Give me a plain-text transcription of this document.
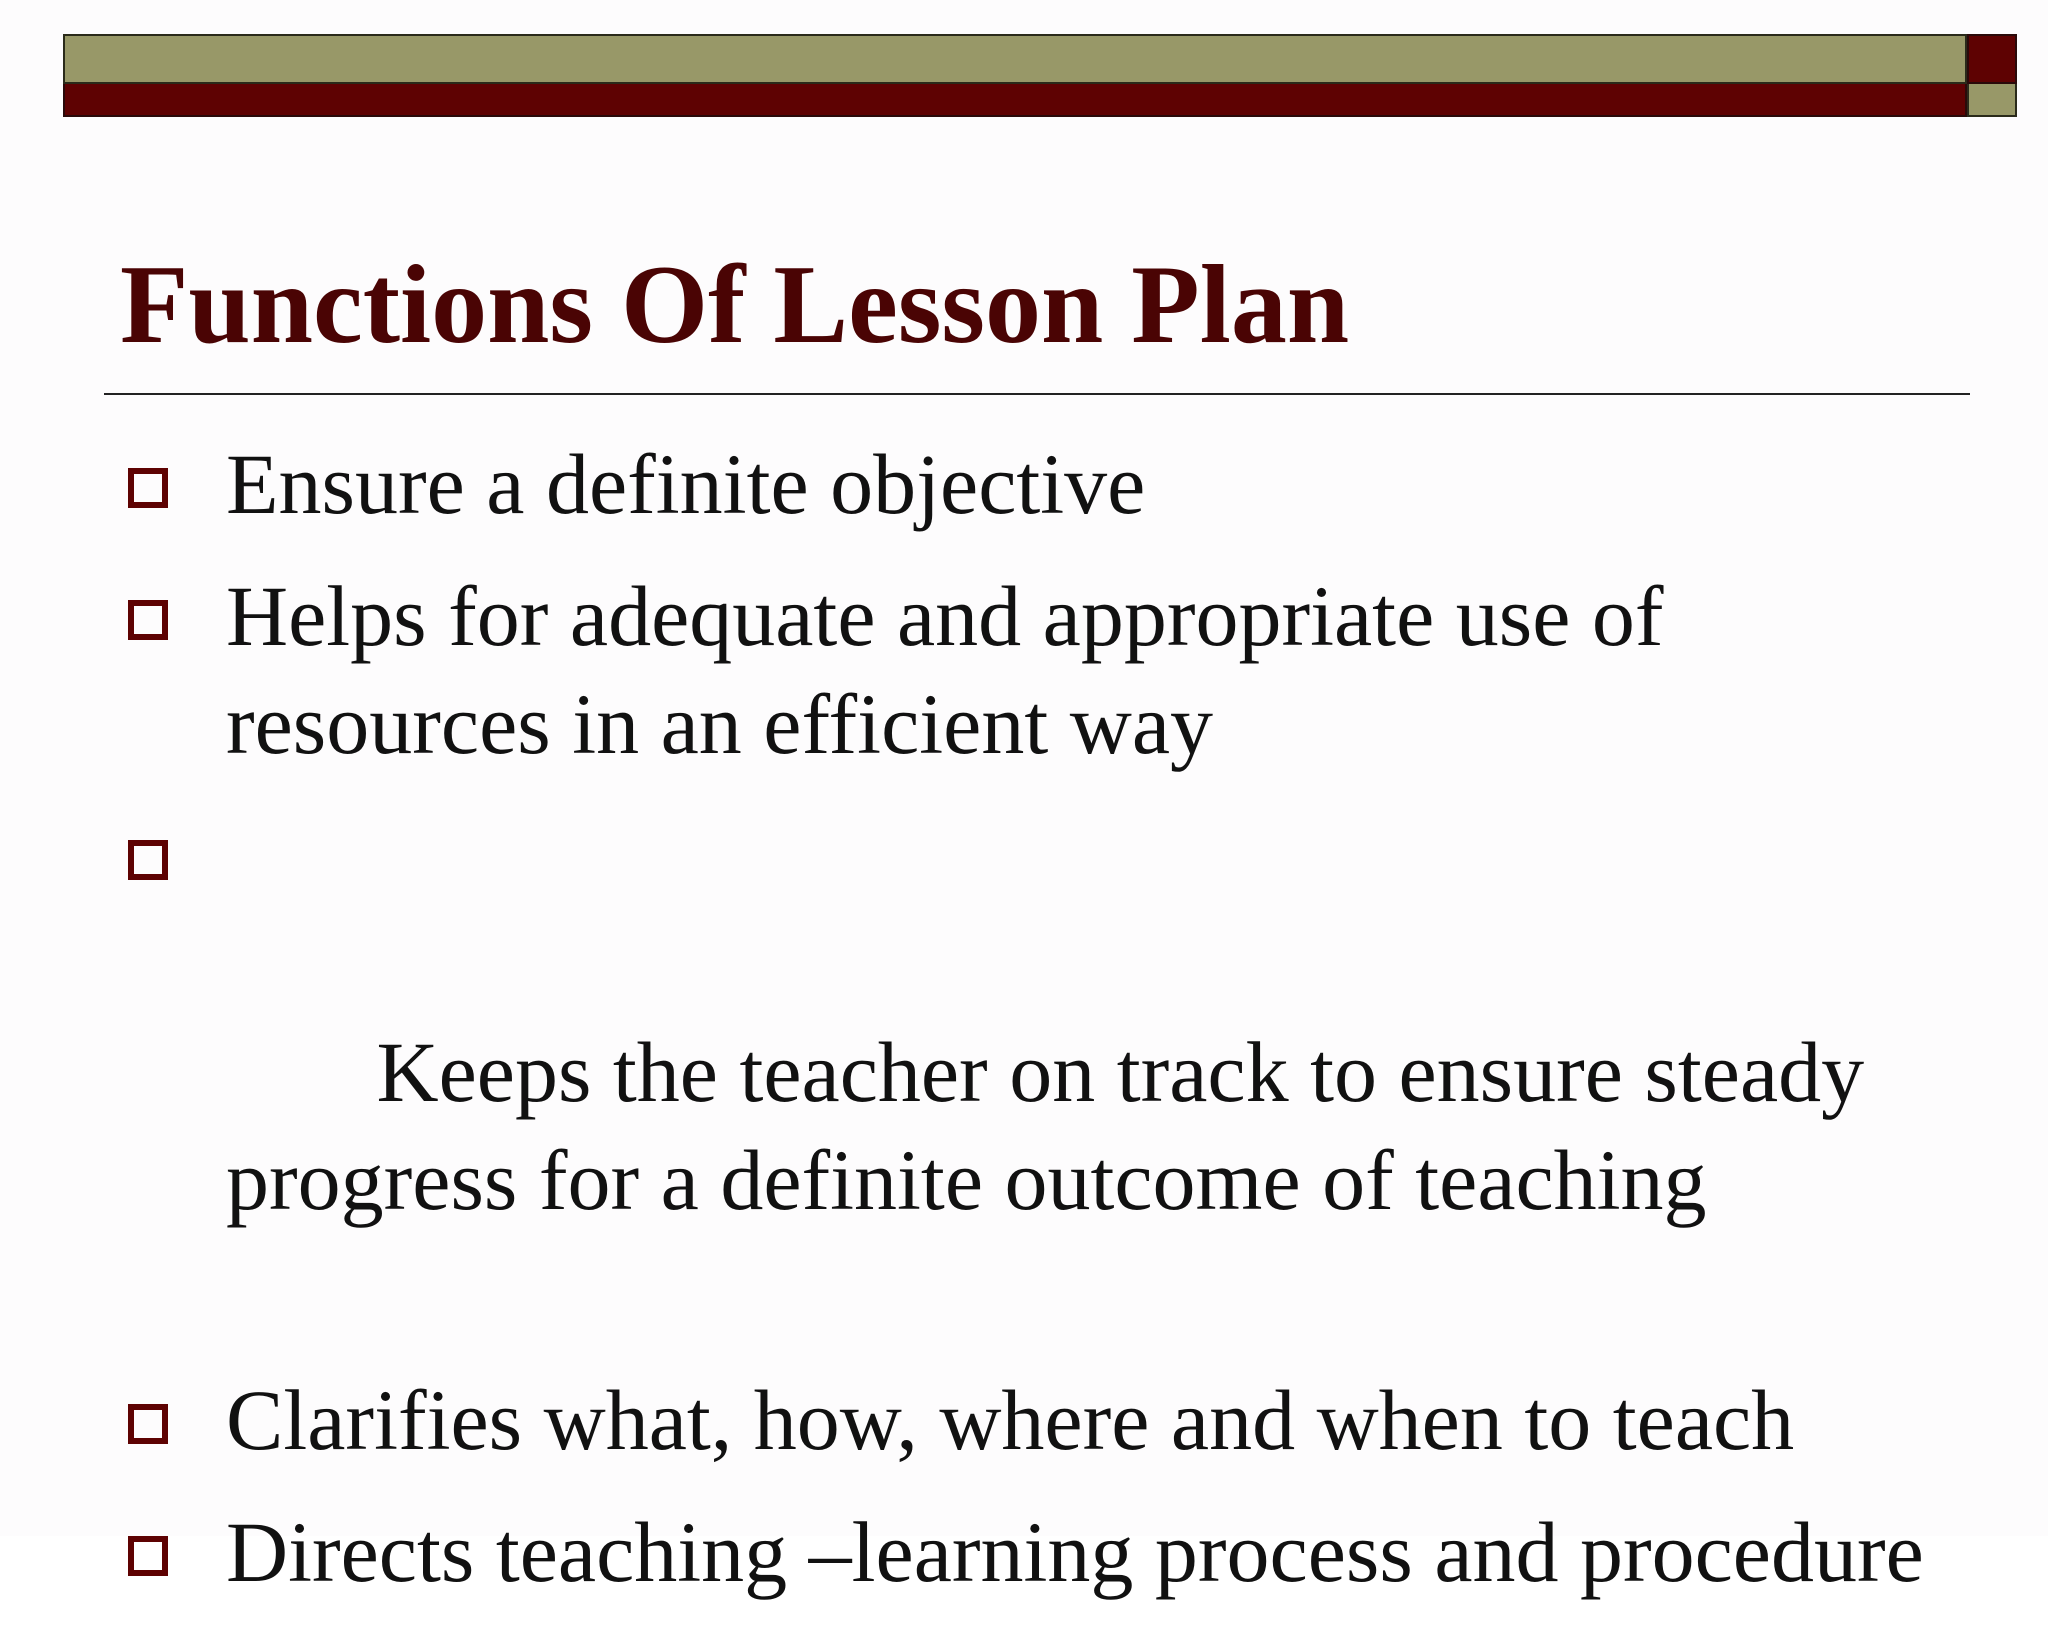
Functions Of Lesson Plan
Ensure a definite objective
Helps for adequate and appropriate use of resources in an efficient way

Keeps the teacher on track to ensure steady progress for a definite outcome of teaching

Clarifies what, how, where and when to teach
Directs teaching –learning process and procedure
